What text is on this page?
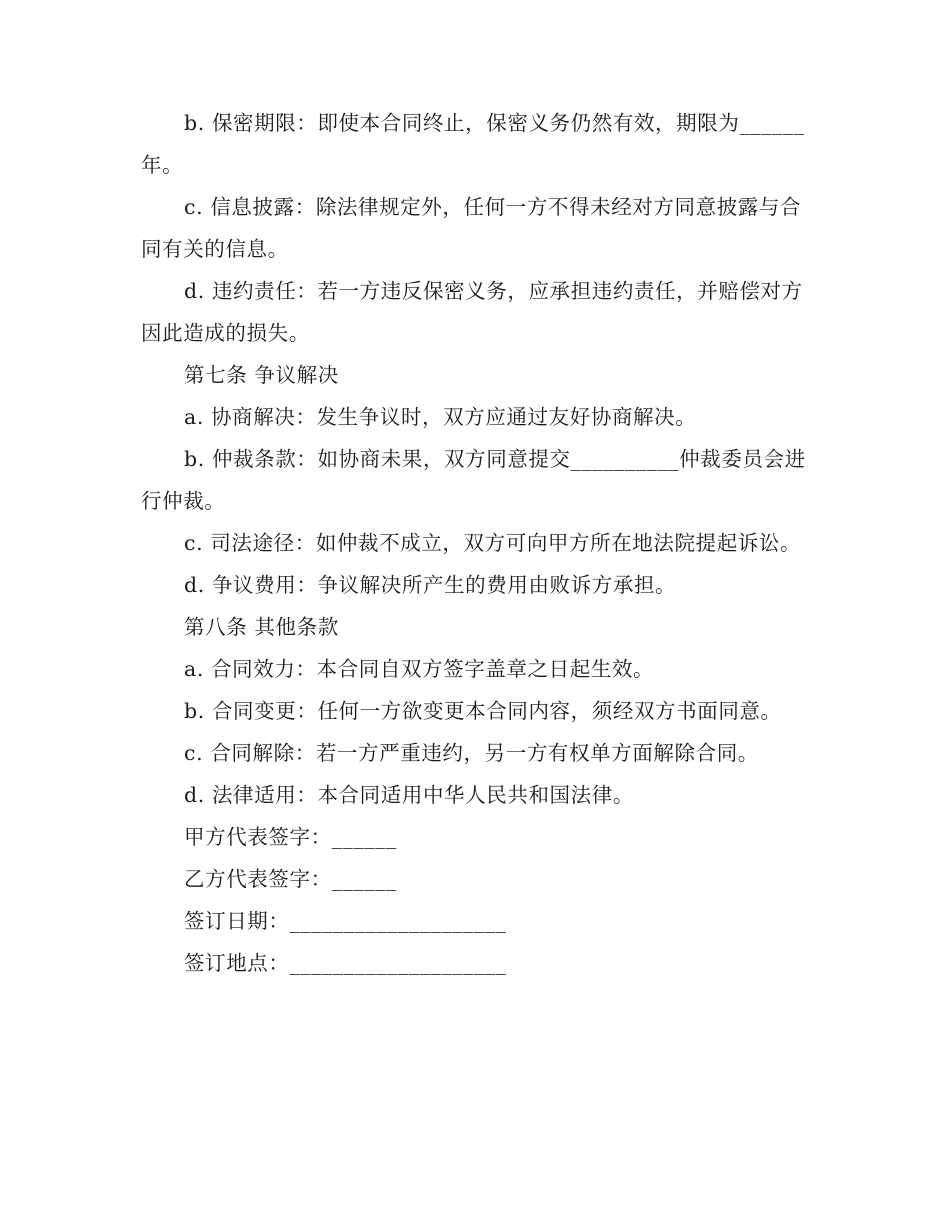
b. 保密期限：即使本合同终止，保密义务仍然有效，期限为______年。

c. 信息披露：除法律规定外，任何一方不得未经对方同意披露与合同有关的信息。

d. 违约责任：若一方违反保密义务，应承担违约责任，并赔偿对方因此造成的损失。

第七条 争议解决

a. 协商解决：发生争议时，双方应通过友好协商解决。

b. 仲裁条款：如协商未果，双方同意提交__________仲裁委员会进行仲裁。

c. 司法途径：如仲裁不成立，双方可向甲方所在地法院提起诉讼。

d. 争议费用：争议解决所产生的费用由败诉方承担。

第八条 其他条款

a. 合同效力：本合同自双方签字盖章之日起生效。

b. 合同变更：任何一方欲变更本合同内容，须经双方书面同意。

c. 合同解除：若一方严重违约，另一方有权单方面解除合同。

d. 法律适用：本合同适用中华人民共和国法律。

甲方代表签字：______

乙方代表签字：______

签订日期：____________________

签订地点：____________________
